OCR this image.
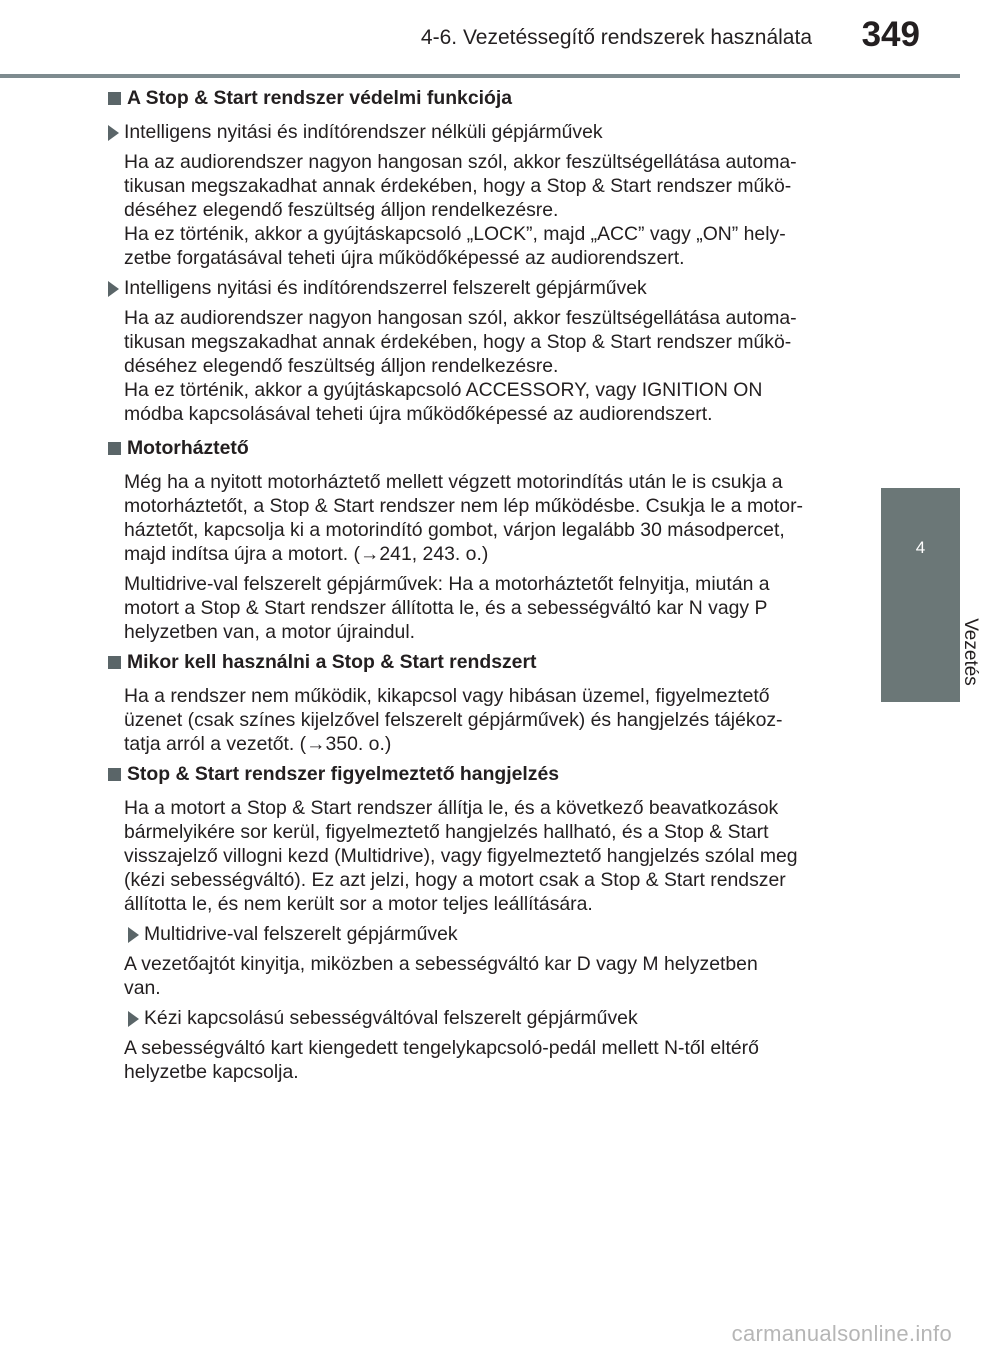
4-6. Vezetéssegítő rendszerek használata	349
4
Vezetés
A Stop & Start rendszer védelmi funkciója
Intelligens nyitási és indítórendszer nélküli gépjárművek
Ha az audiorendszer nagyon hangosan szól, akkor feszültségellátása automa-
tikusan megszakadhat annak érdekében, hogy a Stop & Start rendszer műkö-
déséhez elegendő feszültség álljon rendelkezésre.
Ha ez történik, akkor a gyújtáskapcsoló „LOCK”, majd „ACC” vagy „ON” hely-
zetbe forgatásával teheti újra működőképessé az audiorendszert.
Intelligens nyitási és indítórendszerrel felszerelt gépjárművek
Ha az audiorendszer nagyon hangosan szól, akkor feszültségellátása automa-
tikusan megszakadhat annak érdekében, hogy a Stop & Start rendszer műkö-
déséhez elegendő feszültség álljon rendelkezésre.
Ha ez történik, akkor a gyújtáskapcsoló ACCESSORY, vagy IGNITION ON
módba kapcsolásával teheti újra működőképessé az audiorendszert.
Motorháztető
Még ha a nyitott motorháztető mellett végzett motorindítás után le is csukja a
motorháztetőt, a Stop & Start rendszer nem lép működésbe. Csukja le a motor-
háztetőt, kapcsolja ki a motorindító gombot, várjon legalább 30 másodpercet,
majd indítsa újra a motort. (→241, 243. o.)
Multidrive-val felszerelt gépjárművek: Ha a motorháztetőt felnyitja, miután a
motort a Stop & Start rendszer állította le, és a sebességváltó kar N vagy P
helyzetben van, a motor újraindul.
Mikor kell használni a Stop & Start rendszert
Ha a rendszer nem működik, kikapcsol vagy hibásan üzemel, figyelmeztető
üzenet (csak színes kijelzővel felszerelt gépjárművek) és hangjelzés tájékoz-
tatja arról a vezetőt. (→350. o.)
Stop & Start rendszer figyelmeztető hangjelzés
Ha a motort a Stop & Start rendszer állítja le, és a következő beavatkozások
bármelyikére sor kerül, figyelmeztető hangjelzés hallható, és a Stop & Start
visszajelző villogni kezd (Multidrive), vagy figyelmeztető hangjelzés szólal meg
(kézi sebességváltó). Ez azt jelzi, hogy a motort csak a Stop & Start rendszer
állította le, és nem került sor a motor teljes leállítására.
Multidrive-val felszerelt gépjárművek
A vezetőajtót kinyitja, miközben a sebességváltó kar D vagy M helyzetben
van.
Kézi kapcsolású sebességváltóval felszerelt gépjárművek
A sebességváltó kart kiengedett tengelykapcsoló-pedál mellett N-től eltérő
helyzetbe kapcsolja.
carmanualsonline.info
